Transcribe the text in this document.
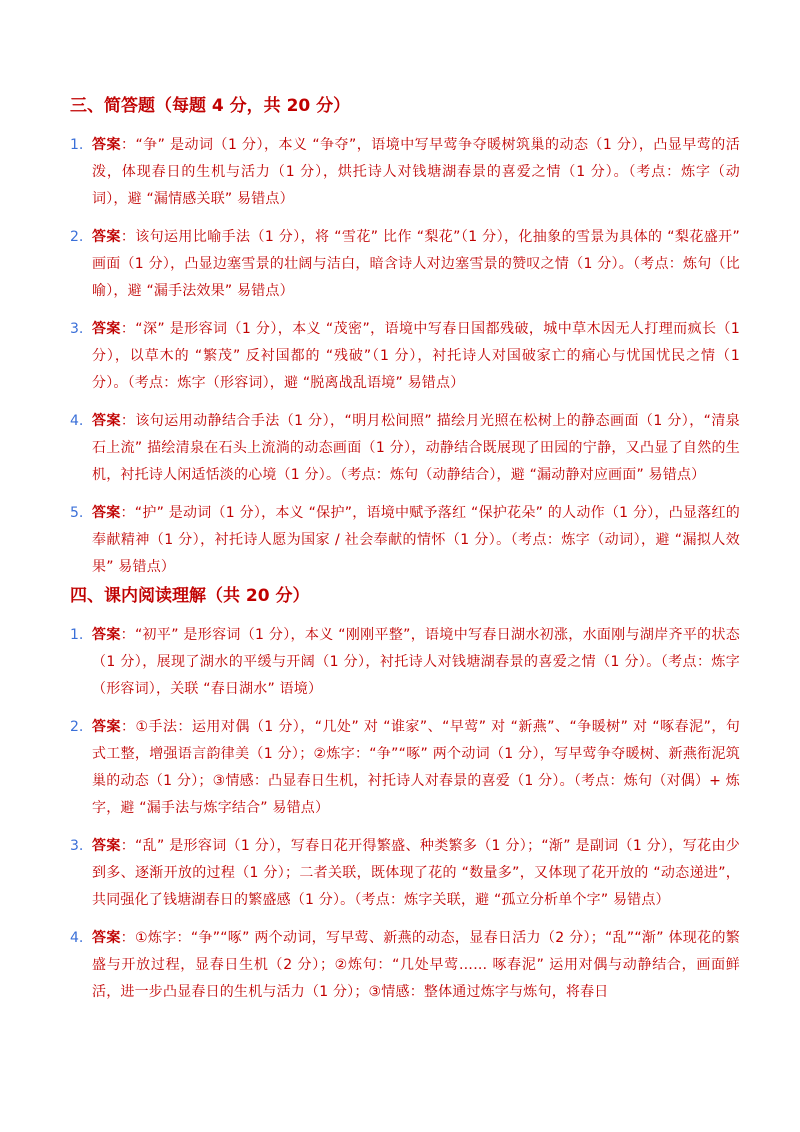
三、简答题（每题 4 分，共 20 分）
1. 答案：“争” 是动词（1 分），本义 “争夺”，语境中写早莺争夺暖树筑巢的动态（1 分），凸显早莺的活泼，体现春日的生机与活力（1 分），烘托诗人对钱塘湖春景的喜爱之情（1 分）。（考点：炼字（动词），避 “漏情感关联” 易错点）
2. 答案：该句运用比喻手法（1 分），将 “雪花” 比作 “梨花”（1 分），化抽象的雪景为具体的 “梨花盛开” 画面（1 分），凸显边塞雪景的壮阔与洁白，暗含诗人对边塞雪景的赞叹之情（1 分）。（考点：炼句（比喻），避 “漏手法效果” 易错点）
3. 答案：“深” 是形容词（1 分），本义 “茂密”，语境中写春日国都残破，城中草木因无人打理而疯长（1 分），以草木的 “繁茂” 反衬国都的 “残破”（1 分），衬托诗人对国破家亡的痛心与忧国忧民之情（1 分）。（考点：炼字（形容词），避 “脱离战乱语境” 易错点）
4. 答案：该句运用动静结合手法（1 分），“明月松间照” 描绘月光照在松树上的静态画面（1 分），“清泉石上流” 描绘清泉在石头上流淌的动态画面（1 分），动静结合既展现了田园的宁静，又凸显了自然的生机，衬托诗人闲适恬淡的心境（1 分）。（考点：炼句（动静结合），避 “漏动静对应画面” 易错点）
5. 答案：“护” 是动词（1 分），本义 “保护”，语境中赋予落红 “保护花朵” 的人动作（1 分），凸显落红的奉献精神（1 分），衬托诗人愿为国家 / 社会奉献的情怀（1 分）。（考点：炼字（动词），避 “漏拟人效果” 易错点）
四、课内阅读理解（共 20 分）
1. 答案：“初平” 是形容词（1 分），本义 “刚刚平整”，语境中写春日湖水初涨，水面刚与湖岸齐平的状态（1 分），展现了湖水的平缓与开阔（1 分），衬托诗人对钱塘湖春景的喜爱之情（1 分）。（考点：炼字（形容词），关联 “春日湖水” 语境）
2. 答案：①手法：运用对偶（1 分），“几处” 对 “谁家”、“早莺” 对 “新燕”、“争暖树” 对 “啄春泥”，句式工整，增强语言韵律美（1 分）；②炼字：“争”“啄” 两个动词（1 分），写早莺争夺暖树、新燕衔泥筑巢的动态（1 分）；③情感：凸显春日生机，衬托诗人对春景的喜爱（1 分）。（考点：炼句（对偶）+ 炼字，避 “漏手法与炼字结合” 易错点）
3. 答案：“乱” 是形容词（1 分），写春日花开得繁盛、种类繁多（1 分）；“渐” 是副词（1 分），写花由少到多、逐渐开放的过程（1 分）；二者关联，既体现了花的 “数量多”，又体现了花开放的 “动态递进”，共同强化了钱塘湖春日的繁盛感（1 分）。（考点：炼字关联，避 “孤立分析单个字” 易错点）
4. 答案：①炼字：“争”“啄” 两个动词，写早莺、新燕的动态，显春日活力（2 分）；“乱”“渐” 体现花的繁盛与开放过程，显春日生机（2 分）；②炼句：“几处早莺…… 啄春泥” 运用对偶与动静结合，画面鲜活，进一步凸显春日的生机与活力（1 分）；③情感：整体通过炼字与炼句，将春日
